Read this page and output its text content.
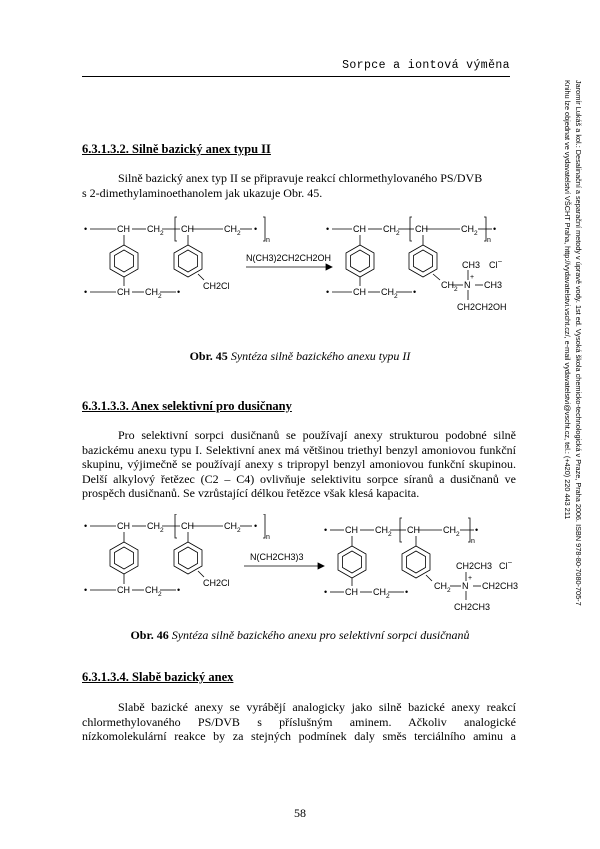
Sorpce a iontová výměna
Jaromír Lukáš a kol.: Desalinační a separační metody v úpravě vody. 1st ed. Vysoká škola chemicko-technologická v Praze, Praha 2006. ISBN 978-80-7080-705-7
Knihu lze objednat ve vydavatelství VŠCHT Praha, http://vydavatelstvi.vscht.cz/, e-mail vydavatelstvi@vscht.cz, tel.: (+420) 220 443 211
6.3.1.3.2. Silně bazický anex typu II
Silně bazický anex typ II se připravuje reakcí chlormethylovaného PS/DVB
s 2-dimethylaminoethanolem jak ukazuje Obr. 45.
•	CH $CH_2$ CH	$CH_2$ •
n
•	CH $CH_2$ •
CH2Cl
N(CH3)2CH2CH2OH
•	CH $CH_2$ CH	$CH_2$ •
n
•	CH $CH_2$ •
CH3 Cl –
$CH_2$
+
N CH3
CH2CH2OH
Obr. 45 Syntéza silně bazického anexu typu II
6.3.1.3.3. Anex selektivní pro dusičnany
Pro selektivní sorpci dusičnanů se používají anexy strukturou podobné silně
bazickému anexu typu I. Selektivní anex má většinou triethyl benzyl amoniovou funkční
skupinu, výjimečně se používají anexy s tripropyl benzyl amoniovou funkční skupinou.
Delší alkylový řetězec (C2 – C4) ovlivňuje selektivitu sorpce síranů a dusičnanů ve
prospěch dusičnanů. Se vzrůstající délkou řetězce však klesá kapacita.
•	CH $CH_2$ CH	$CH_2$ •
n
•	CH $CH_2$ •
CH2Cl
N(CH2CH3)3
• CH $CH_2$ CH	$CH_2$ •
n
• CH $CH_2$ •
CH2CH3 Cl –
$CH_2$
+
N CH2CH3
CH2CH3
Obr. 46 Syntéza silně bazického anexu pro selektivní sorpci dusičnanů
6.3.1.3.4. Slabě bazický anex
Slabě bazické anexy se vyrábějí analogicky jako silně bazické anexy reakcí
chlormethylovaného PS/DVB s příslušným aminem. Ačkoliv analogické
nízkomolekulární reakce by za stejných podmínek daly směs terciálního aminu a
58
